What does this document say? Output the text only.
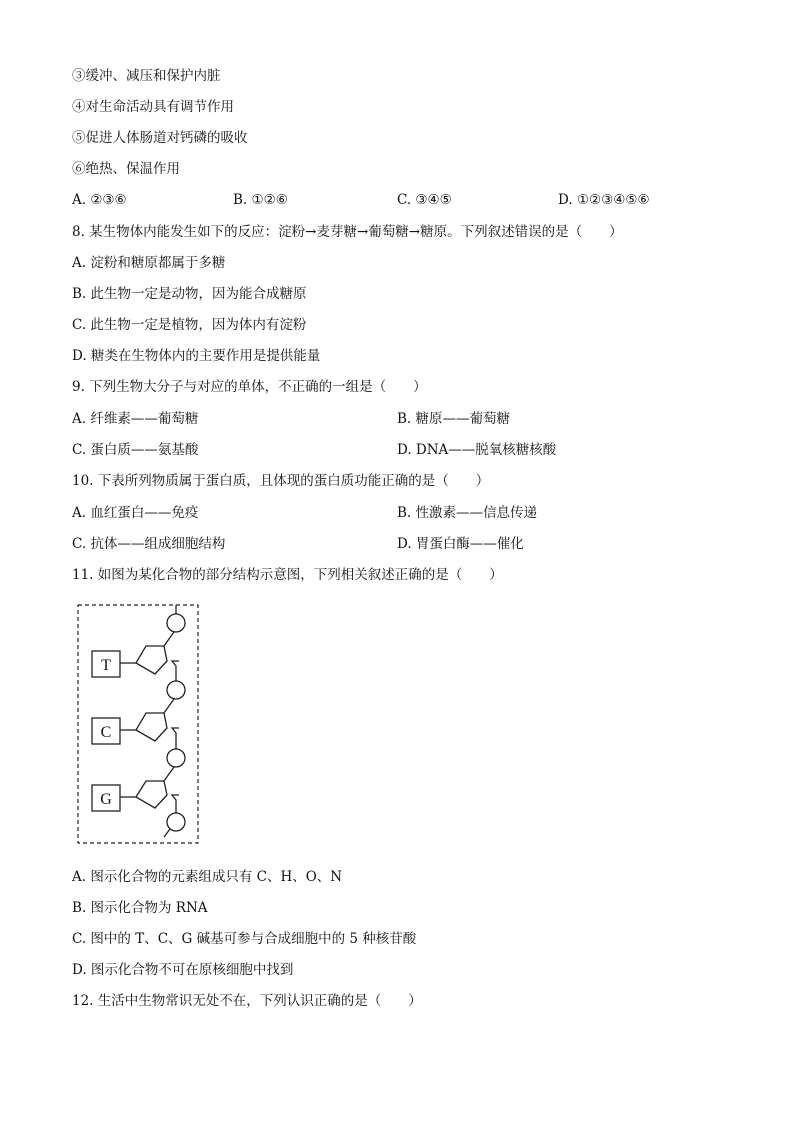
③缓冲、减压和保护内脏
④对生命活动具有调节作用
⑤促进人体肠道对钙磷的吸收
⑥绝热、保温作用
A. ②③⑥	B. ①②⑥	C. ③④⑤	D. ①②③④⑤⑥
8. 某生物体内能发生如下的反应：淀粉→麦芽糖→葡萄糖→糖原。下列叙述错误的是（　　）
A. 淀粉和糖原都属于多糖
B. 此生物一定是动物，因为能合成糖原
C. 此生物一定是植物，因为体内有淀粉
D. 糖类在生物体内的主要作用是提供能量
9. 下列生物大分子与对应的单体，不正确的一组是（　　）
A. 纤维素——葡萄糖	B. 糖原——葡萄糖
C. 蛋白质——氨基酸	D. DNA——脱氧核糖核酸
10. 下表所列物质属于蛋白质，且体现的蛋白质功能正确的是（　　）
A. 血红蛋白——免疫	B. 性激素——信息传递
C. 抗体——组成细胞结构	D. 胃蛋白酶——催化
11. 如图为某化合物的部分结构示意图，下列相关叙述正确的是（　　）
T
C
G
A. 图示化合物的元素组成只有 C、H、O、N
B. 图示化合物为 RNA
C. 图中的 T、C、G 碱基可参与合成细胞中的 5 种核苷酸
D. 图示化合物不可在原核细胞中找到
12. 生活中生物常识无处不在，下列认识正确的是（　　）
